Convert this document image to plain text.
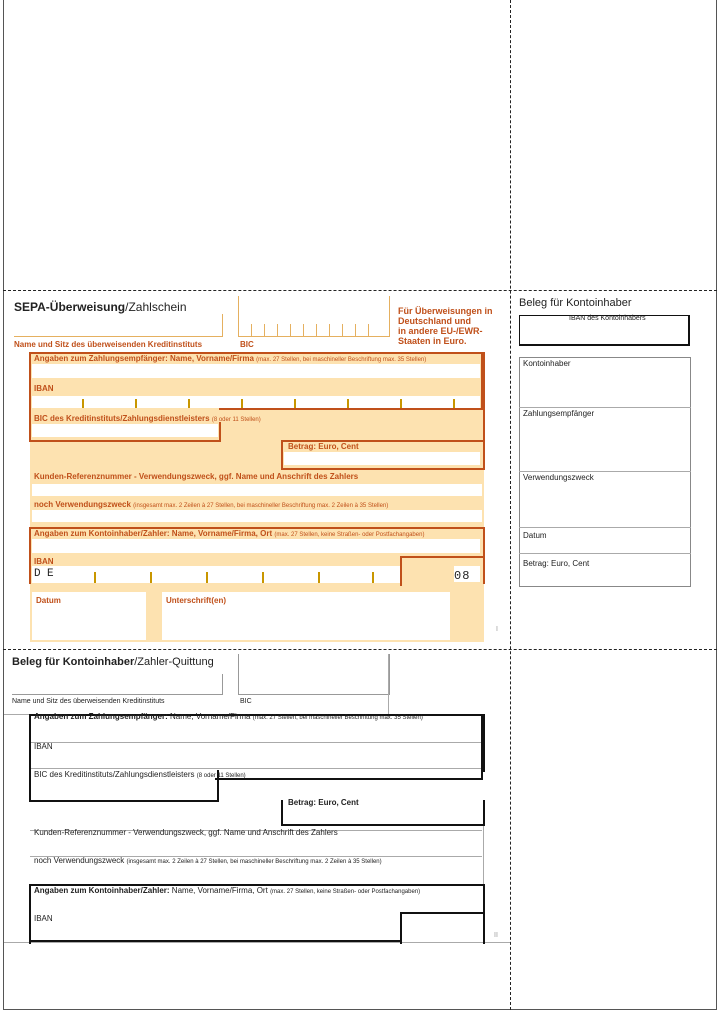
SEPA-Überweisung/Zahlschein
Name und Sitz des überweisenden Kreditinstituts	BIC
Für Überweisungen in
Deutschland und
in andere EU-/EWR-
Staaten in Euro.
Angaben zum Zahlungsempfänger: Name, Vorname/Firma (max. 27 Stellen, bei maschineller Beschriftung max. 35 Stellen)
IBAN
BIC des Kreditinstituts/Zahlungsdienstleisters (8 oder 11 Stellen)
Betrag: Euro, Cent
Kunden-Referenznummer - Verwendungszweck, ggf. Name und Anschrift des Zahlers
noch Verwendungszweck (insgesamt max. 2 Zeilen à 27 Stellen, bei maschineller Beschriftung max. 2 Zeilen à 35 Stellen)
Angaben zum Kontoinhaber/Zahler: Name, Vorname/Firma, Ort (max. 27 Stellen, keine Straßen- oder Postfachangaben)
IBAN
D E	08
Datum	Unterschrift(en)
I
Beleg für Kontoinhaber
IBAN des Kontoinhabers
Kontoinhaber
Zahlungsempfänger
Verwendungszweck
Datum
Betrag: Euro, Cent
Beleg für Kontoinhaber/Zahler-Quittung
Name und Sitz des überweisenden Kreditinstituts	BIC
Angaben zum Zahlungsempfänger: Name, Vorname/Firma (max. 27 Stellen, bei maschineller Beschriftung max. 35 Stellen)
IBAN
BIC des Kreditinstituts/Zahlungsdienstleisters (8 oder 11 Stellen)
Betrag: Euro, Cent
Kunden-Referenznummer - Verwendungszweck, ggf. Name und Anschrift des Zahlers
noch Verwendungszweck (insgesamt max. 2 Zeilen à 27 Stellen, bei maschineller Beschriftung max. 2 Zeilen à 35 Stellen)
Angaben zum Kontoinhaber/Zahler: Name, Vorname/Firma, Ort (max. 27 Stellen, keine Straßen- oder Postfachangaben)
IBAN
II
